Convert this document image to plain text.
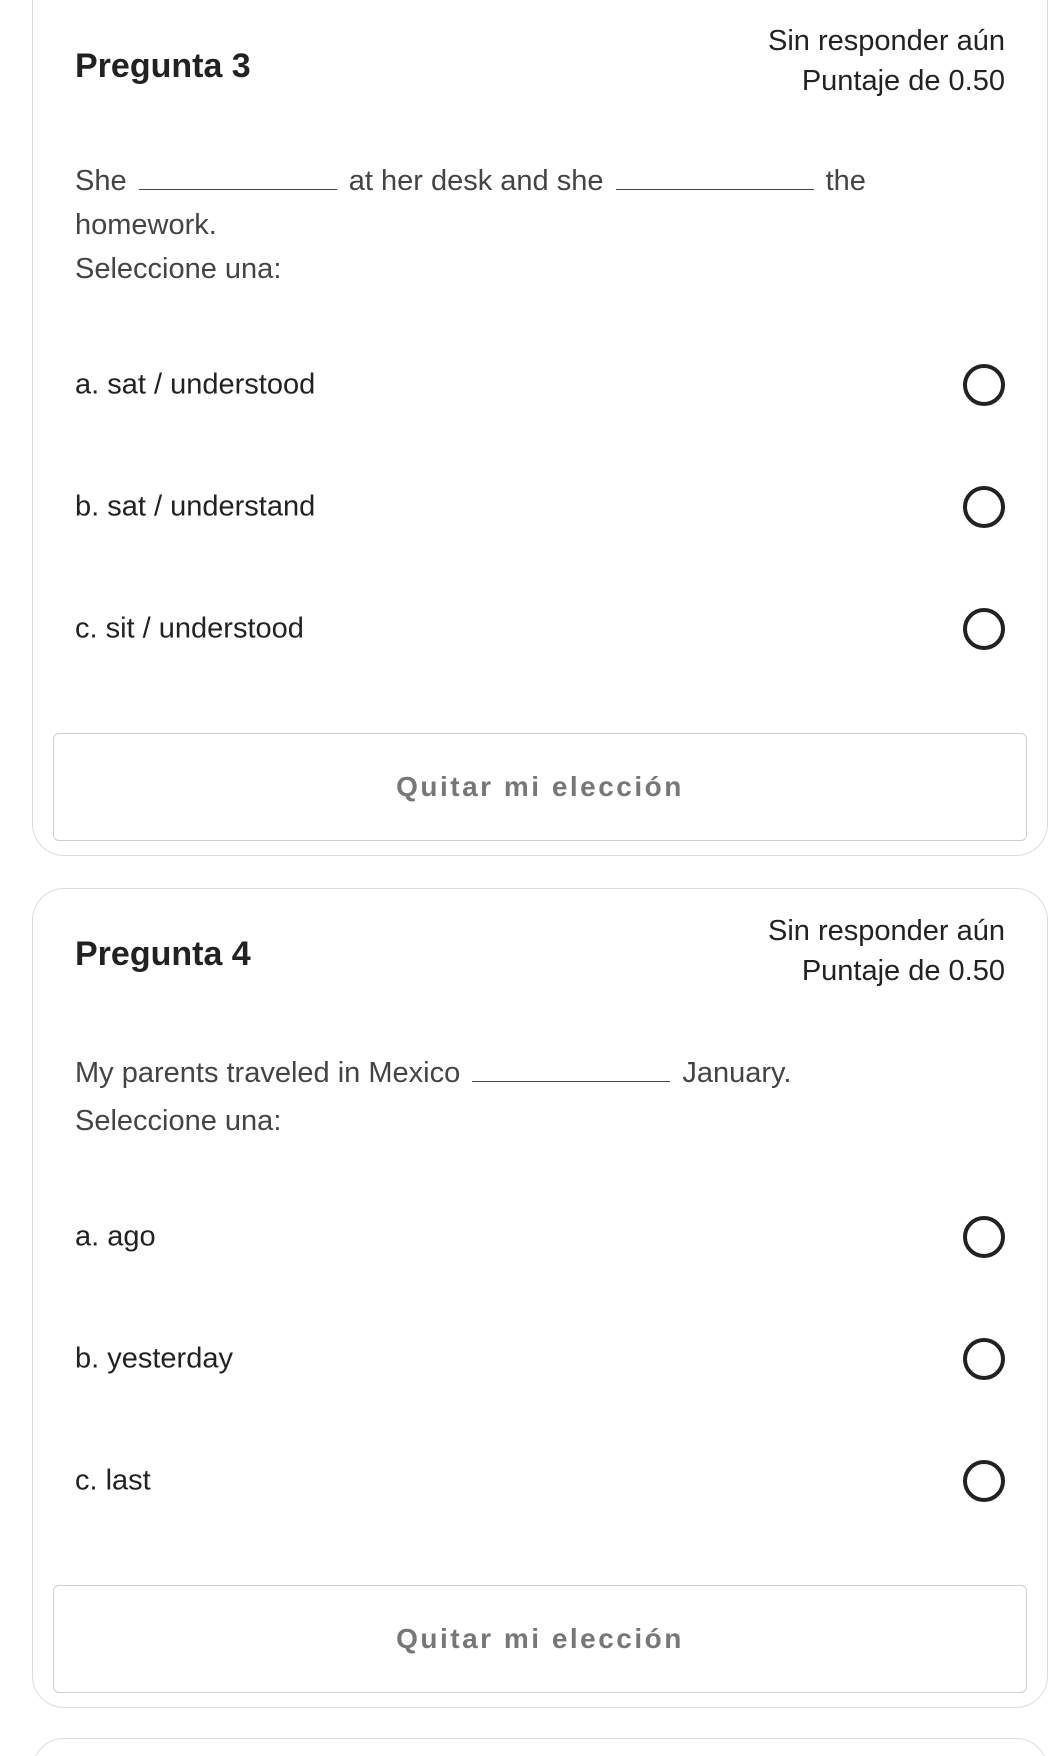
Pregunta 3
Sin responder aún
Puntaje de 0.50
She	at her desk and she	the homework.
Seleccione una:
a. sat / understood
b. sat / understand
c. sit / understood
Quitar mi elección
Pregunta 4
Sin responder aún
Puntaje de 0.50
My parents traveled in Mexico	January.
Seleccione una:
a. ago
b. yesterday
c. last
Quitar mi elección
